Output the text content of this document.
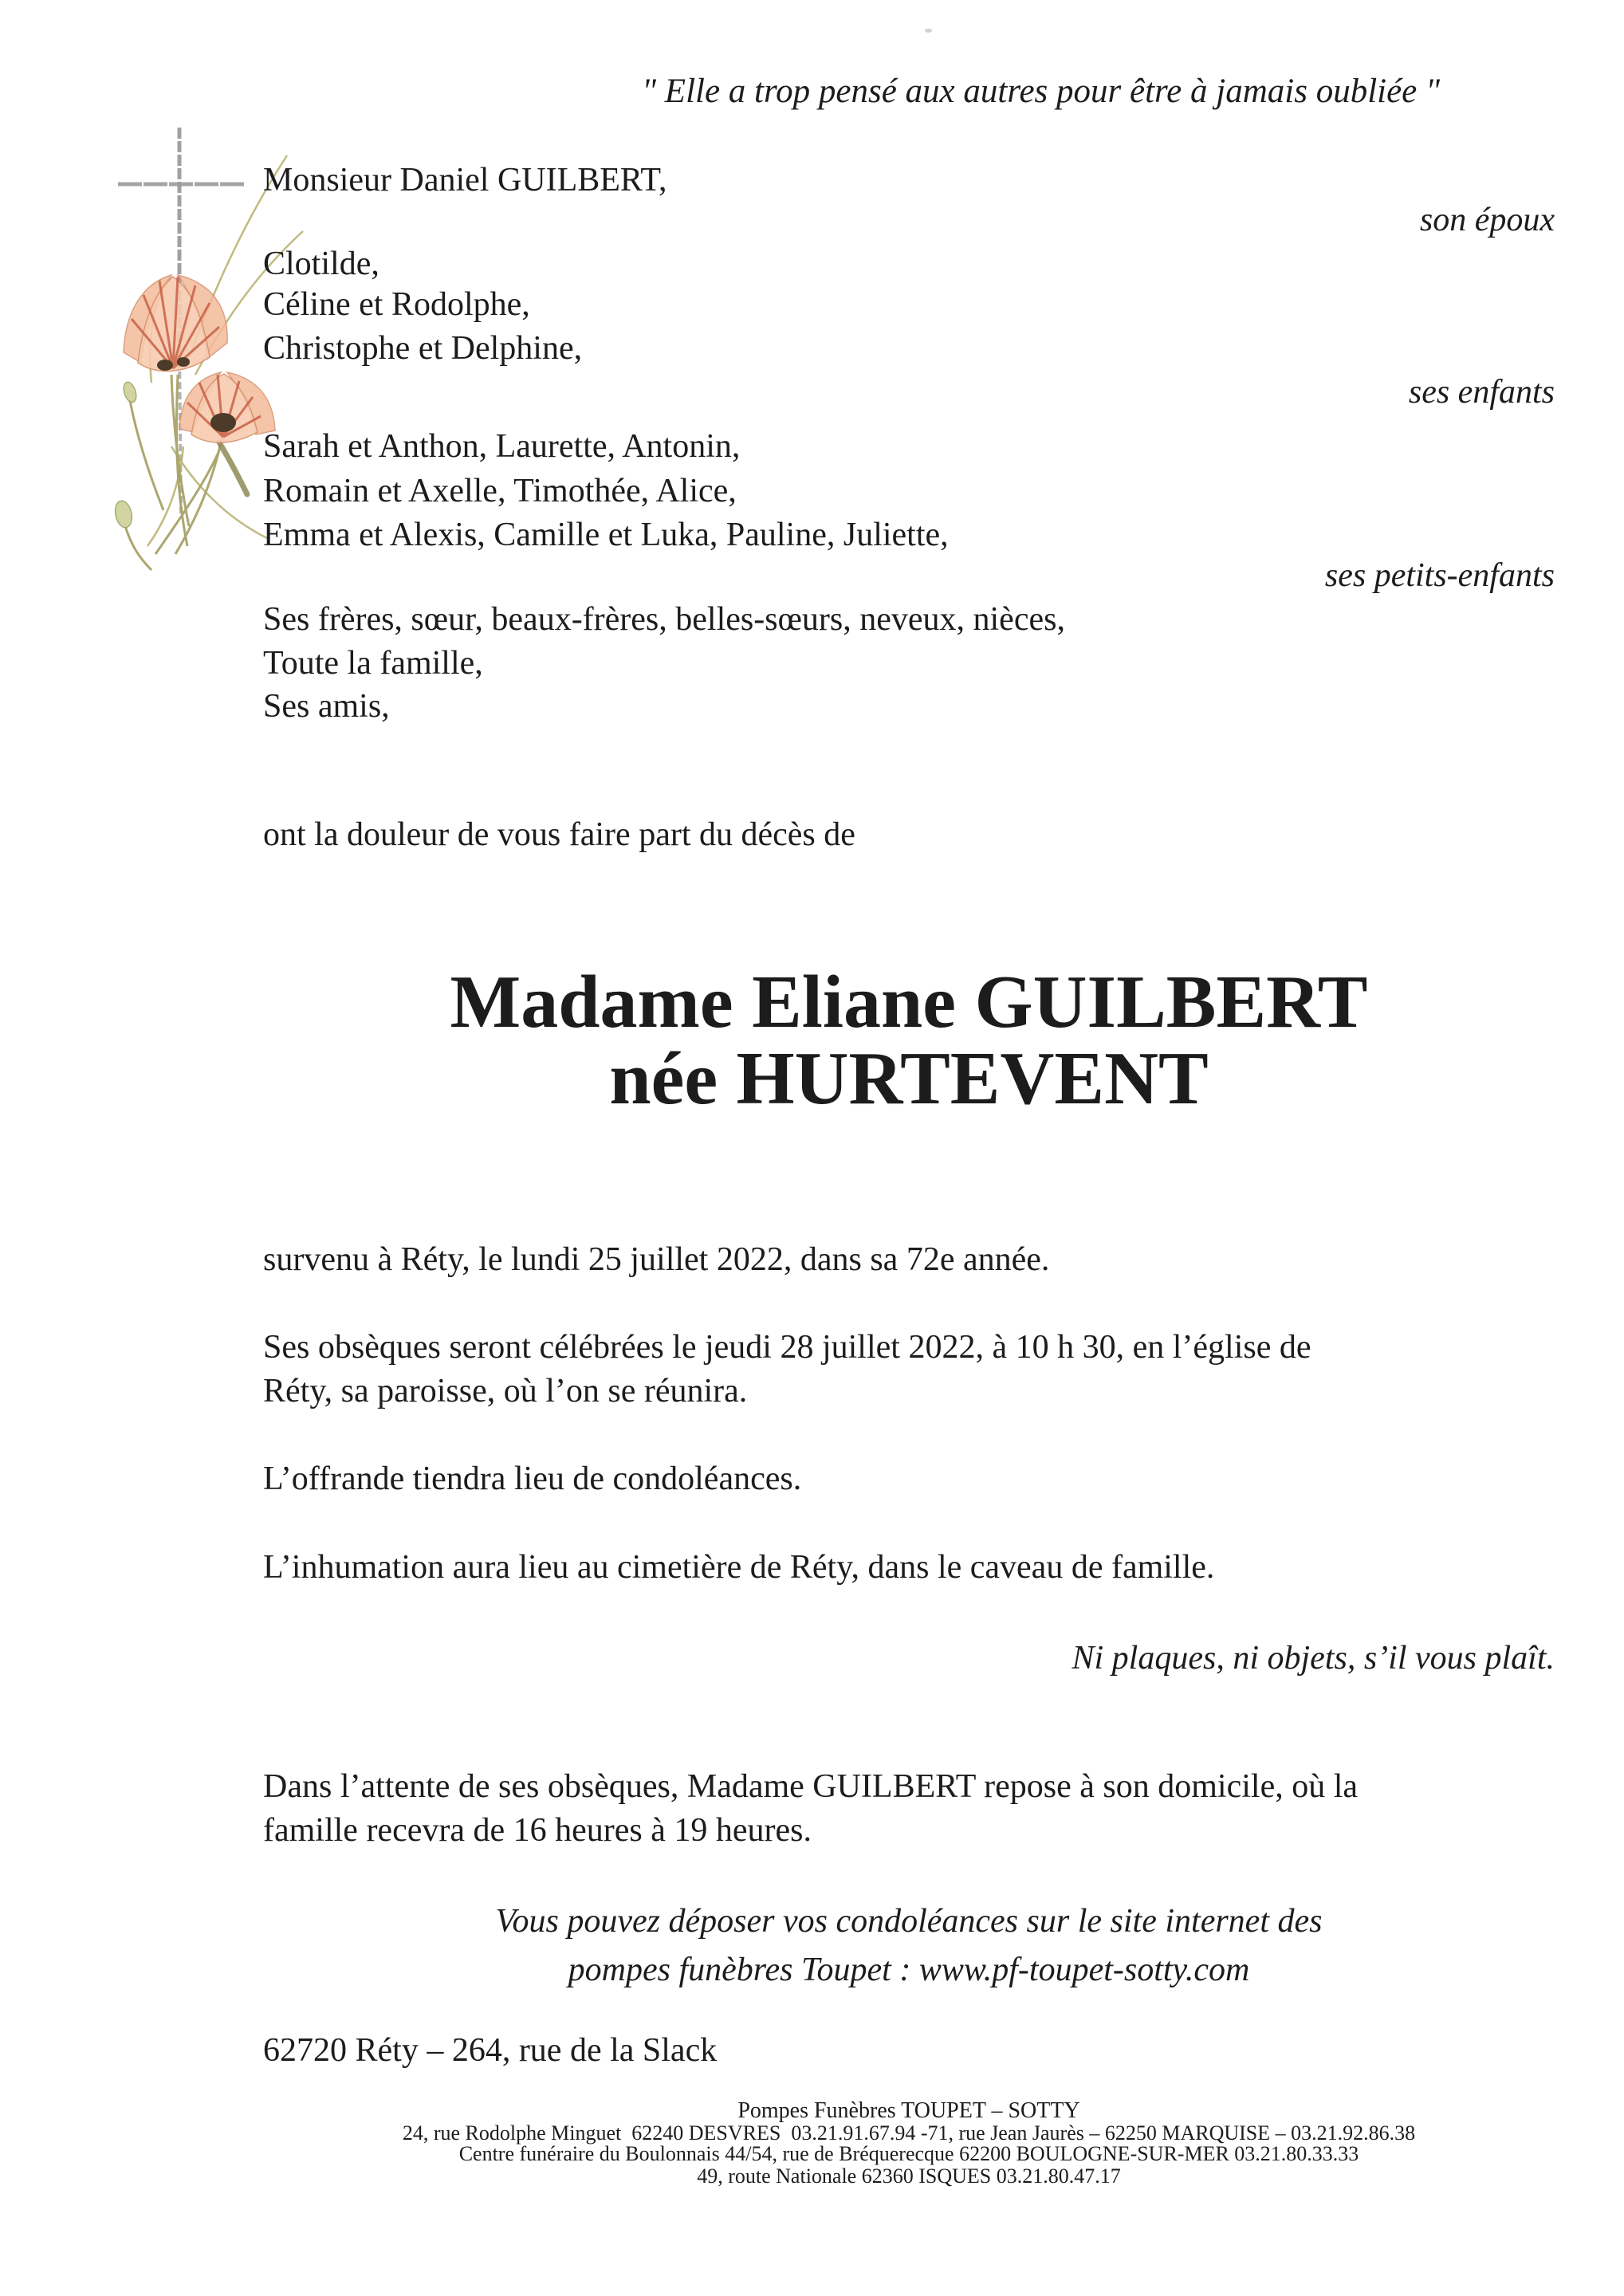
" Elle a trop pensé aux autres pour être à jamais oubliée "
Monsieur Daniel GUILBERT,
son époux
Clotilde,
Céline et Rodolphe,
Christophe et Delphine,
ses enfants
Sarah et Anthon, Laurette, Antonin,
Romain et Axelle, Timothée, Alice,
Emma et Alexis, Camille et Luka, Pauline, Juliette,
ses petits-enfants
Ses frères, sœur, beaux-frères, belles-sœurs, neveux, nièces,
Toute la famille,
Ses amis,
ont la douleur de vous faire part du décès de
Madame Eliane GUILBERT
née HURTEVENT
survenu à Réty, le lundi 25 juillet 2022, dans sa 72e année.
Ses obsèques seront célébrées le jeudi 28 juillet 2022, à 10 h 30, en l’église de
Réty, sa paroisse, où l’on se réunira.
L’offrande tiendra lieu de condoléances.
L’inhumation aura lieu au cimetière de Réty, dans le caveau de famille.
Ni plaques, ni objets, s’il vous plaît.
Dans l’attente de ses obsèques, Madame GUILBERT repose à son domicile, où la
famille recevra de 16 heures à 19 heures.
Vous pouvez déposer vos condoléances sur le site internet des
pompes funèbres Toupet : www.pf-toupet-sotty.com
62720 Réty – 264, rue de la Slack
Pompes Funèbres TOUPET – SOTTY
24, rue Rodolphe Minguet  62240 DESVRES  03.21.91.67.94 -71, rue Jean Jaurès – 62250 MARQUISE – 03.21.92.86.38
Centre funéraire du Boulonnais 44/54, rue de Bréquerecque 62200 BOULOGNE-SUR-MER 03.21.80.33.33
49, route Nationale 62360 ISQUES 03.21.80.47.17
